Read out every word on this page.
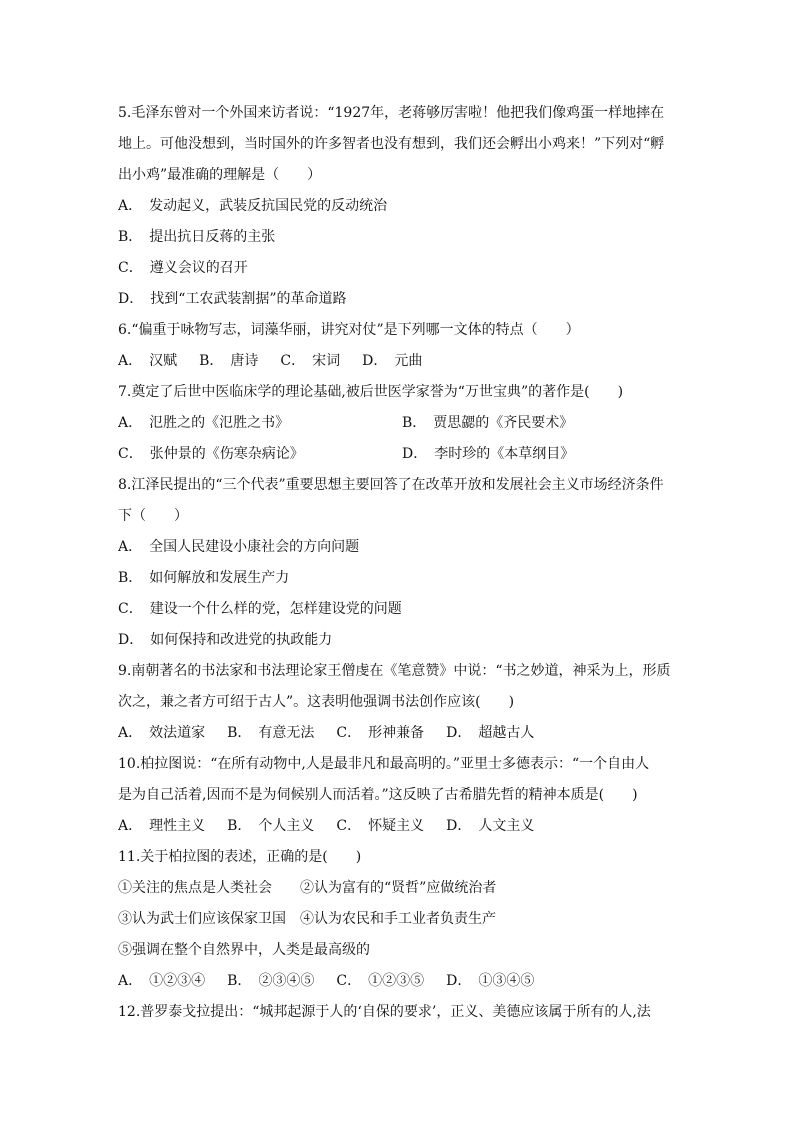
5.毛泽东曾对一个外国来访者说：“1927年，老蒋够厉害啦！他把我们像鸡蛋一样地摔在
地上。可他没想到，当时国外的许多智者也没有想到，我们还会孵出小鸡来！”下列对“孵
出小鸡”最准确的理解是（　　）
A．　发动起义，武装反抗国民党的反动统治
B．　提出抗日反蒋的主张
C．　遵义会议的召开
D．　找到“工农武装割据”的革命道路
6.“偏重于咏物写志，词藻华丽，讲究对仗”是下列哪一文体的特点（　　）
A．　汉赋 B．　唐诗 C．　宋词 D．　元曲
7.奠定了后世中医临床学的理论基础,被后世医学家誉为“万世宝典”的著作是(　　)
A．　氾胜之的《氾胜之书》	B．　贾思勰的《齐民要术》
C．　张仲景的《伤寒杂病论》	D．　李时珍的《本草纲目》
8.江泽民提出的“三个代表”重要思想主要回答了在改革开放和发展社会主义市场经济条件
下（　　）
A．　全国人民建设小康社会的方向问题
B．　如何解放和发展生产力
C．　建设一个什么样的党，怎样建设党的问题
D．　如何保持和改进党的执政能力
9.南朝著名的书法家和书法理论家王僧虔在《笔意赞》中说：“书之妙道，神采为上，形质
次之，兼之者方可绍于古人”。这表明他强调书法创作应该(　　)
A．　效法道家 B．　有意无法 C．　形神兼备 D．　超越古人
10.柏拉图说：“在所有动物中,人是最非凡和最高明的。”亚里士多德表示：“一个自由人
是为自己活着,因而不是为伺候别人而活着。”这反映了古希腊先哲的精神本质是(　　)
A．　理性主义 B．　个人主义 C．　怀疑主义 D．　人文主义
11.关于柏拉图的表述，正确的是(　　)
①关注的焦点是人类社会　　②认为富有的“贤哲”应做统治者
③认为武士们应该保家卫国　④认为农民和手工业者负责生产
⑤强调在整个自然界中，人类是最高级的
A．　①②③④ B．　②③④⑤ C．　①②③⑤ D．　①③④⑤
12.普罗泰戈拉提出：“城邦起源于人的‘自保的要求’，正义、美德应该属于所有的人,法
